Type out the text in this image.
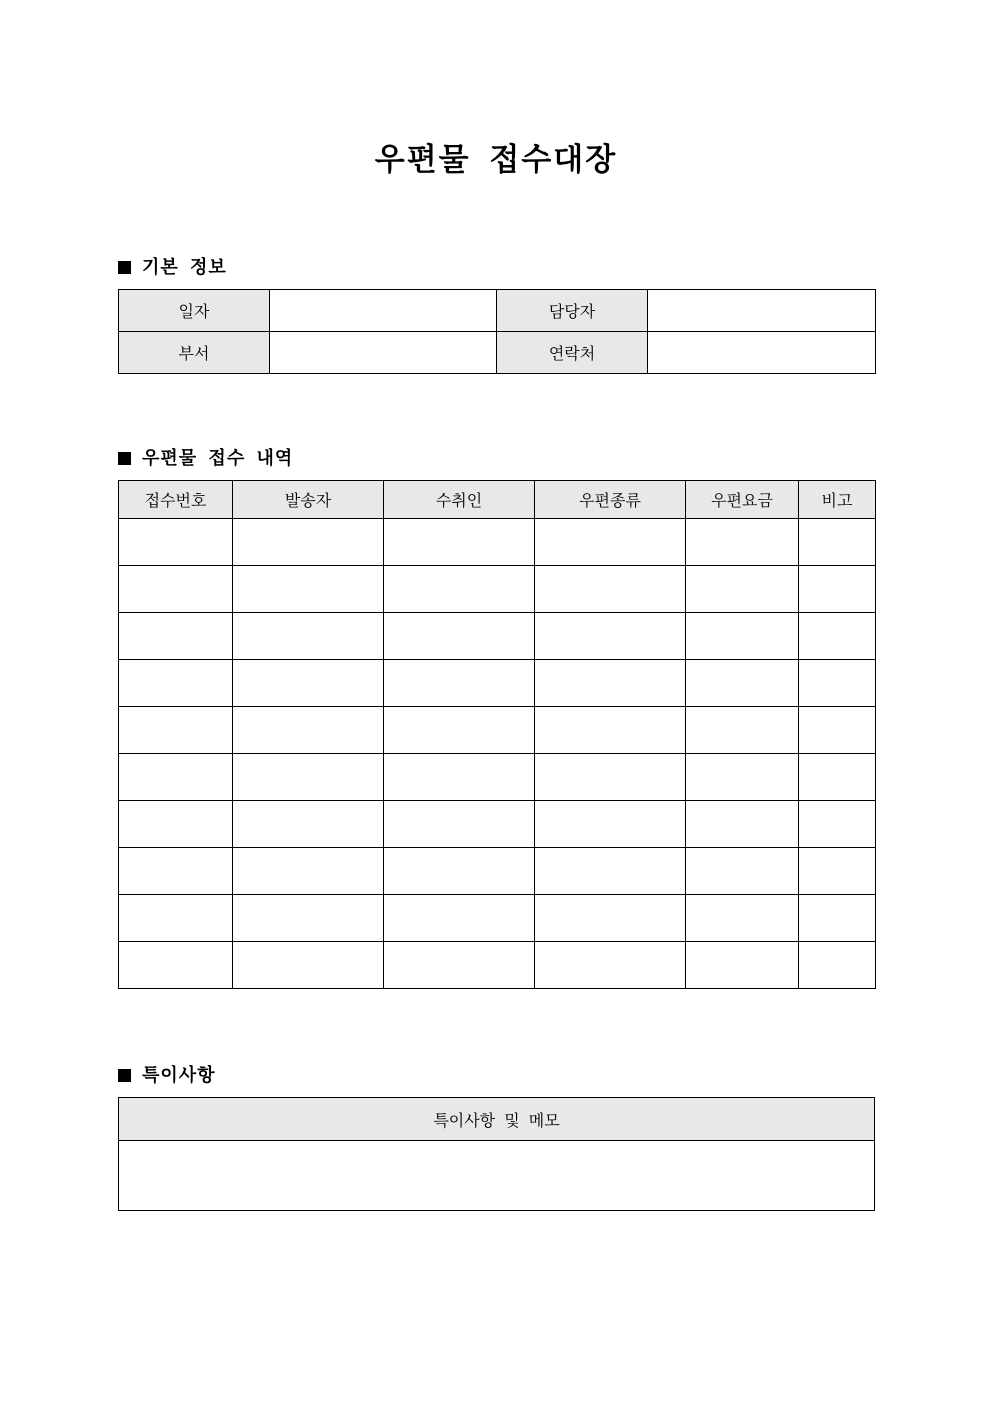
우편물 접수대장
기본 정보
일자		담당자	
부서		연락처	
우편물 접수 내역
접수번호	발송자	수취인	우편종류	우편요금	비고

특이사항
특이사항 및 메모
